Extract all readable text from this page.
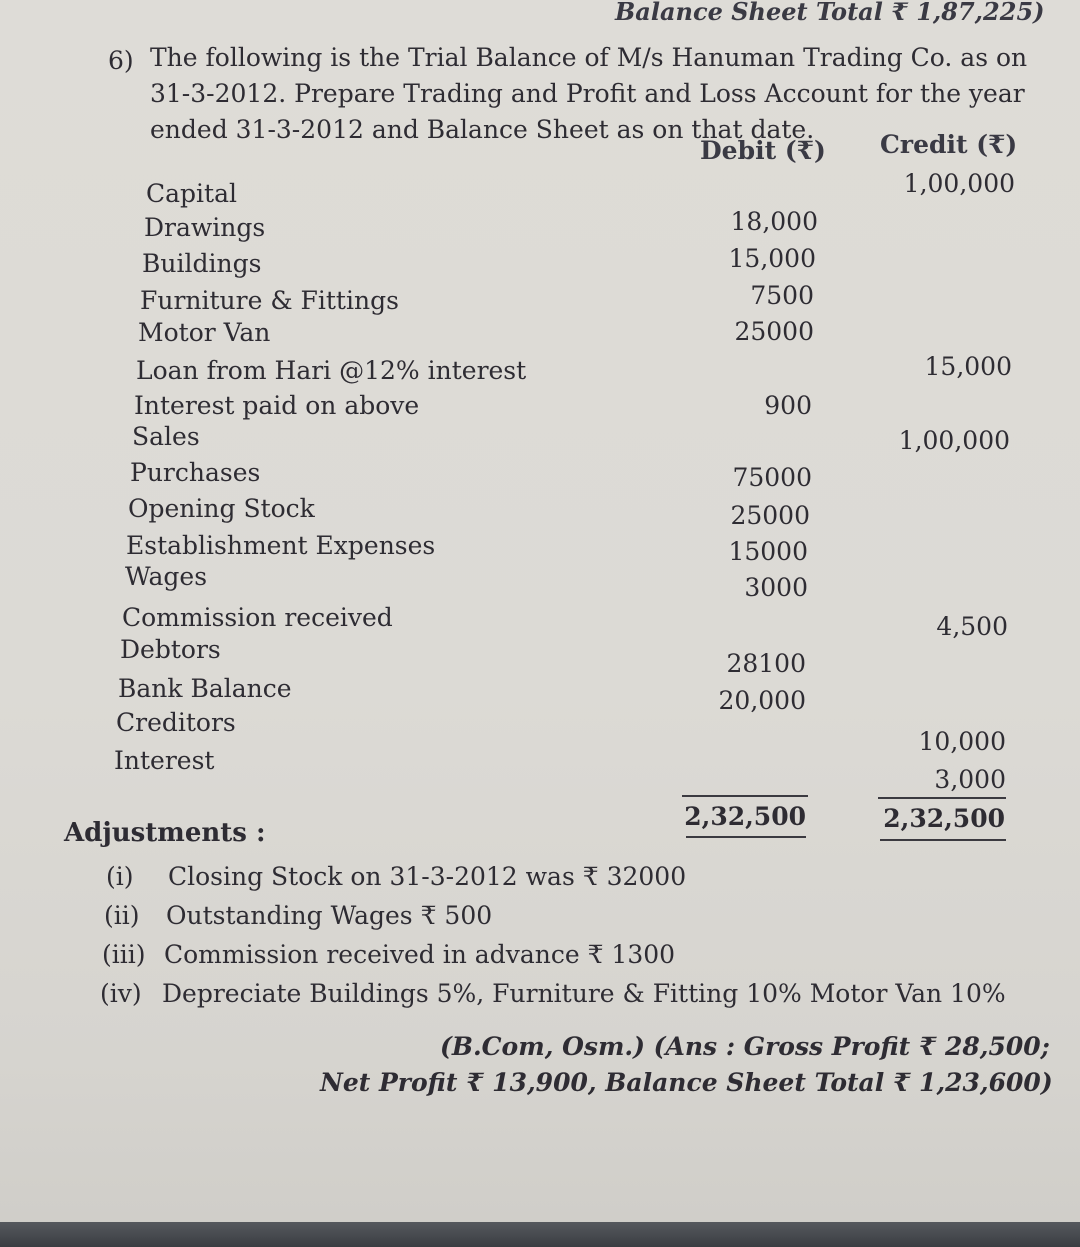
Balance Sheet Total ₹ 1,87,225)
6) The following is the Trial Balance of M/s Hanuman Trading Co. as on 31-3-2012. Prepare Trading and Profit and Loss Account for the year ended 31-3-2012 and Balance Sheet as on that date.
Debit (₹) Credit (₹)
Capital
Drawings
Buildings
Furniture & Fittings
Motor Van
Loan from Hari @12% interest
Interest paid on above
Sales
Purchases
Opening Stock
Establishment Expenses
Wages
Commission received
Debtors
Bank Balance
Creditors
Interest
18,000
15,000
7500
25000
900
75000
25000
15000
3000
28100
20,000
1,00,000
15,000
1,00,000
4,500
10,000
3,000
2,32,500	2,32,500
Adjustments :
(i) Closing Stock on 31-3-2012 was ₹ 32000
(ii) Outstanding Wages ₹ 500
(iii) Commission received in advance ₹ 1300
(iv) Depreciate Buildings 5%, Furniture & Fitting 10% Motor Van 10%
(B.Com, Osm.) (Ans : Gross Profit ₹ 28,500;
Net Profit ₹ 13,900, Balance Sheet Total ₹ 1,23,600)
